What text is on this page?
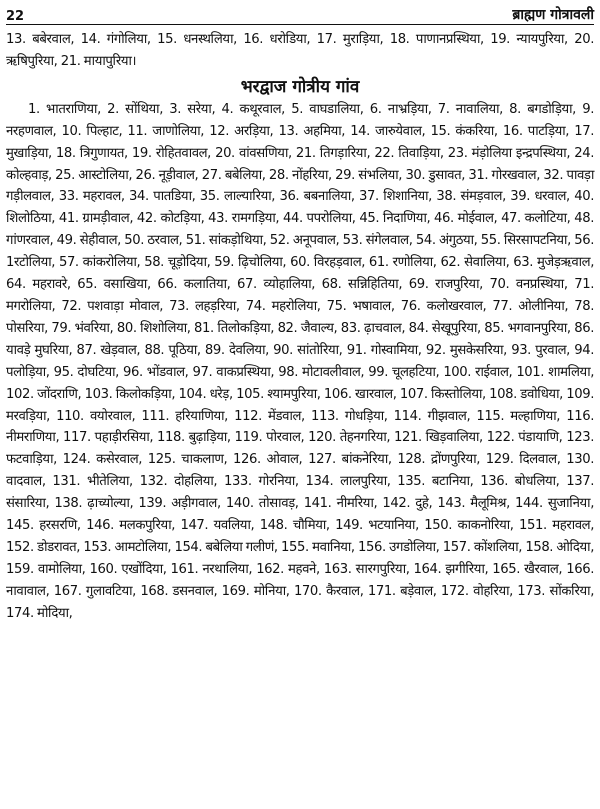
22	ब्राह्मण गोत्रावली

13. बबेरवाल, 14. गंगोलिया, 15. धनस्थलिया, 16. धरोडिया, 17. मुराड़िया, 18. पाणानप्रस्थिया, 19. न्यायपुरिया, 20. ऋषिपुरिया, 21. मायापुरिया।

भरद्वाज गोत्रीय गांव

1. भातराणिया, 2. सोंथिया, 3. सरेया, 4. कथूरवाल, 5. वाघडालिया, 6. नाभ्रड़िया, 7. नावालिया, 8. बगडोड़िया, 9. नरहणवाल, 10. पिल्हाट, 11. जाणोलिया, 12. अरड़िया, 13. अहमिया, 14. जारुयेवाल, 15. कंकरिया, 16. पाटड़िया, 17. मुखाड़िया, 18. त्रिगुणायत, 19. रोहितवावल, 20. वांवसणिया, 21. तिगड़ारिया, 22. तिवाड़िया, 23. मंड़ोलिया इन्द्रपस्थिया, 24. कोल्हवाड़, 25. आस्टोलिया, 26. नूड़ीवाल, 27. बबेलिया, 28. नोंहरिया, 29. संभलिया, 30. डुसावत, 31. गोरखवाल, 32. पावड़ा गड़ीलवाल, 33. महरावल, 34. पातडिया, 35. लाल्यारिया, 36. बबनालिया, 37. शिशानिया, 38. संमड़वाल, 39. धरवाल, 40. शिलोठिया, 41. ग्रामड़ीवाल, 42. कोटड़िया, 43. रामगड़िया, 44. पपरोलिया, 45. निदाणिया, 46. मोईवाल, 47. कलोटिया, 48. गांणरवाल, 49. सेहीवाल, 50. ठरवाल, 51. सांकड़ोथिया, 52. अनूपवाल, 53. संगेलवाल, 54. अंगुठया, 55. सिरसापटनिया, 56. 1रटोलिया, 57. कांकरोलिया, 58. चूड़ोदिया, 59. ढ़िचोलिया, 60. विरहड़वाल, 61. रणोलिया, 62. सेवालिया, 63. मुजेड़ऋवाल, 64. महरावरे, 65. वसाखिया, 66. कलातिया, 67. व्योहालिया, 68. सन्निहितिया, 69. राजपुरिया, 70. वनप्रस्थिया, 71. मगरोलिया, 72. पशवाड़ा मोवाल, 73. लहड़रिया, 74. महरोलिया, 75. भषावाल, 76. कलोखरवाल, 77. ओलीनिया, 78. पोसरिया, 79. भंवरिया, 80. शिशोलिया, 81. तिलोकड़िया, 82. जैवाल्य, 83. ढ़ाचवाल, 84. सेखूपुरिया, 85. भगवानपुरिया, 86. यावड़े मुघरिया, 87. खेड़वाल, 88. पूठिया, 89. देवलिया, 90. सांतोरिया, 91. गोस्वामिया, 92. मुसकेसरिया, 93. पुरवाल, 94. पलोड़िया, 95. दोघटिया, 96. भोंडवाल, 97. वाकप्रस्थिया, 98. मोटावलीवाल, 99. चूलहटिया, 100. राईवाल, 101. शामलिया, 102. जोंदराणि, 103. किलोकड़िया, 104. धरेड़, 105. श्यामपुरिया, 106. खारवाल, 107. किस्तोलिया, 108. डवोधिया, 109. मरवड़िया, 110. वयोरवाल, 111. हरियाणिया, 112. मेंडवाल, 113. गोधड़िया, 114. गीझवाल, 115. मल्हाणिया, 116. नीमराणिया, 117. पहाड़ीरसिया, 118. बुढ़ाड़िया, 119. पोरवाल, 120. तेहनगरिया, 121. खिड़वालिया, 122. पंडायाणि, 123. फटवाड़िया, 124. कसेरवाल, 125. चाकलाण, 126. ओवाल, 127. बांकनेरिया, 128. द्रोंणपुरिया, 129. दिलवाल, 130. वादवाल, 131. भीतेलिया, 132. दोहलिया, 133. गोरनिया, 134. लालपुरिया, 135. बटानिया, 136. बोधलिया, 137. संसारिया, 138. ढ़ाच्योल्या, 139. अड़ीगवाल, 140. तोसावड़, 141. नीमरिया, 142. दुहे, 143. मैलूमिश्र, 144. सुजानिया, 145. हरसरणि, 146. मलकपुरिया, 147. यवलिया, 148. चौमिया, 149. भटयानिया, 150. काकनोरिया, 151. महरावल, 152. डोडरावत, 153. आमटोलिया, 154. बबेलिया गलीणं, 155. मवानिया, 156. उगडोलिया, 157. कोंशलिया, 158. ओदिया, 159. वामोलिया, 160. एखोंदिया, 161. नरथालिया, 162. महवने, 163. सारगपुरिया, 164. झगीरिया, 165. खैरवाल, 166. नावावाल, 167. गुलावटिया, 168. डसनवाल, 169. मोनिया, 170. कैरवाल, 171. बड़ेवाल, 172. वोहरिया, 173. सोंकरिया, 174. मोदिया,
